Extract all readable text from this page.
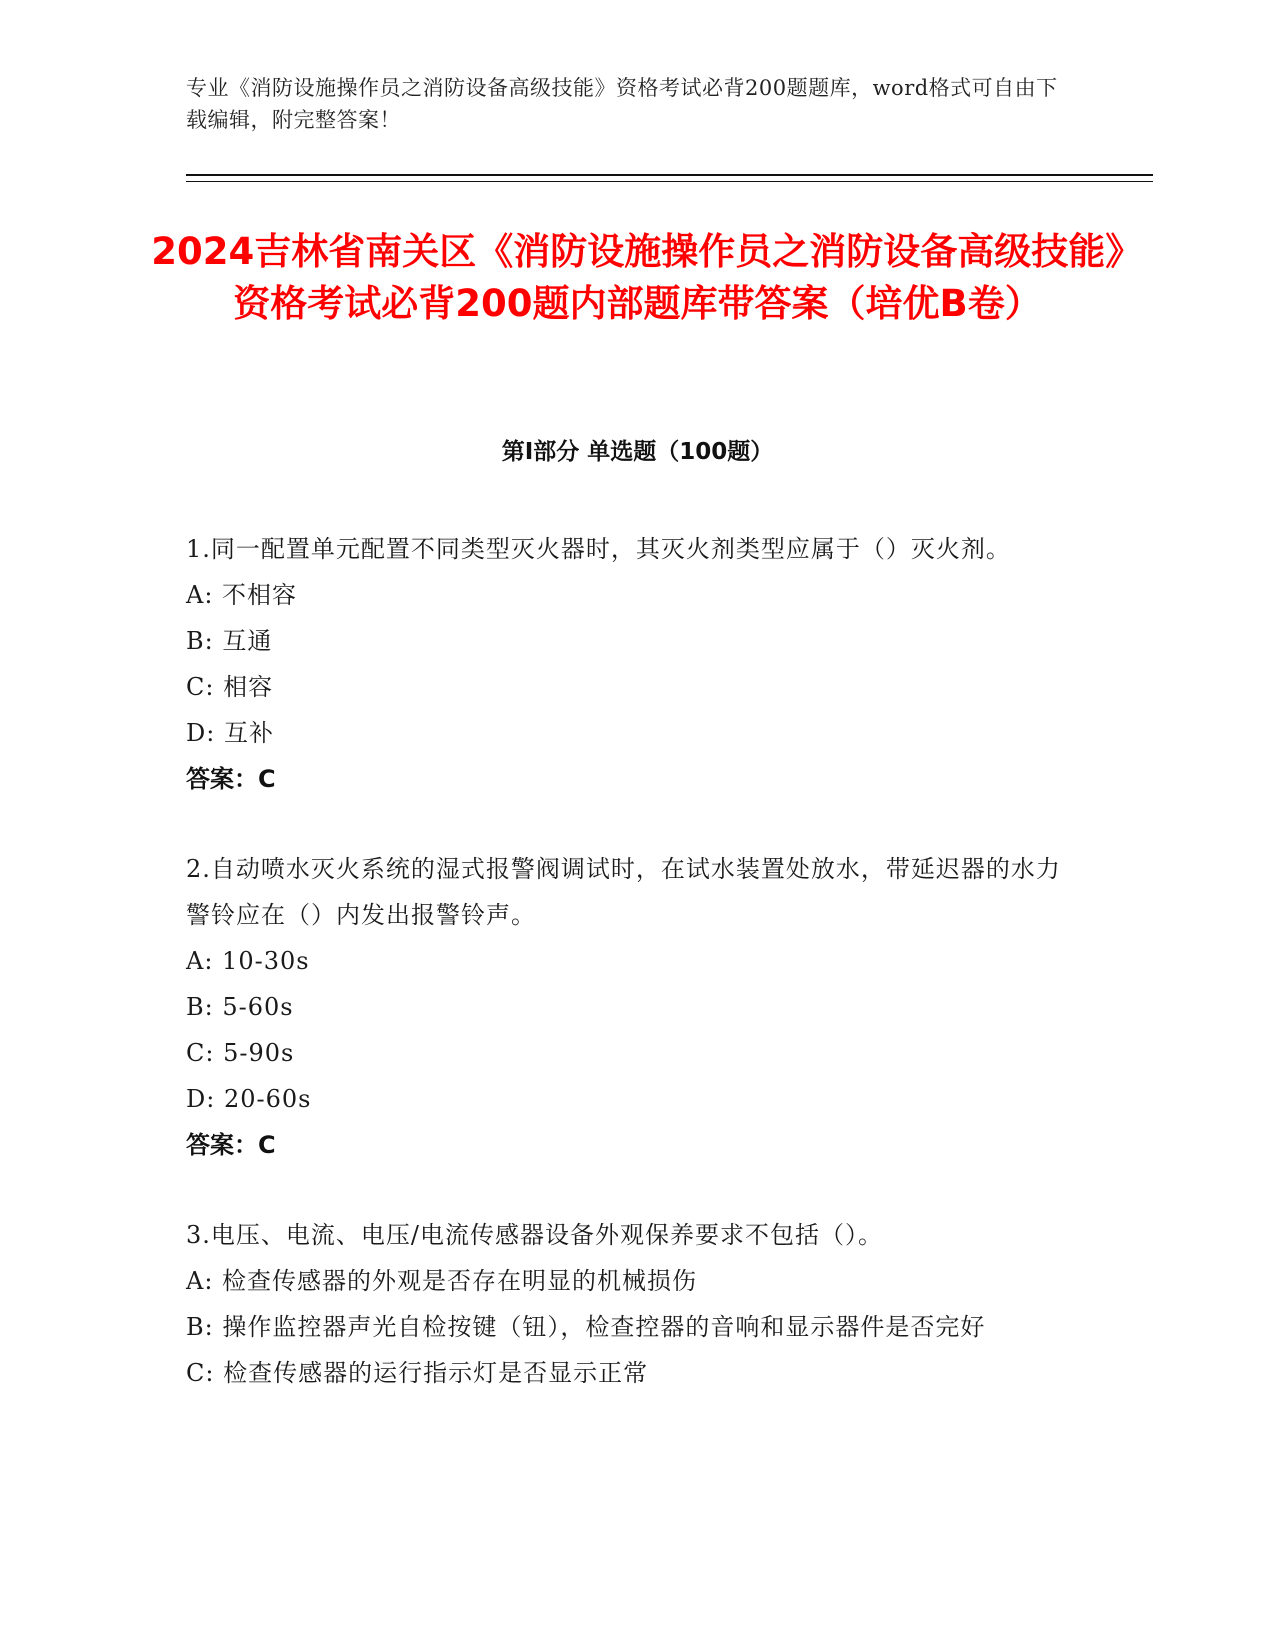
专业《消防设施操作员之消防设备高级技能》资格考试必背200题题库，word格式可自由下载编辑，附完整答案！
2024吉林省南关区《消防设施操作员之消防设备高级技能》资格考试必背200题内部题库带答案（培优B卷）
第Ⅰ部分 单选题（100题）

1.同一配置单元配置不同类型灭火器时，其灭火剂类型应属于（）灭火剂。

A: 不相容

B: 互通

C: 相容

D: 互补

答案：C

2.自动喷水灭火系统的湿式报警阀调试时，在试水装置处放水，带延迟器的水力警铃应在（）内发出报警铃声。

A: 10-30s

B: 5-60s

C: 5-90s

D: 20-60s

答案：C

3.电压、电流、电压/电流传感器设备外观保养要求不包括（）。

A: 检查传感器的外观是否存在明显的机械损伤

B: 操作监控器声光自检按键（钮），检查控器的音响和显示器件是否完好

C: 检查传感器的运行指示灯是否显示正常
